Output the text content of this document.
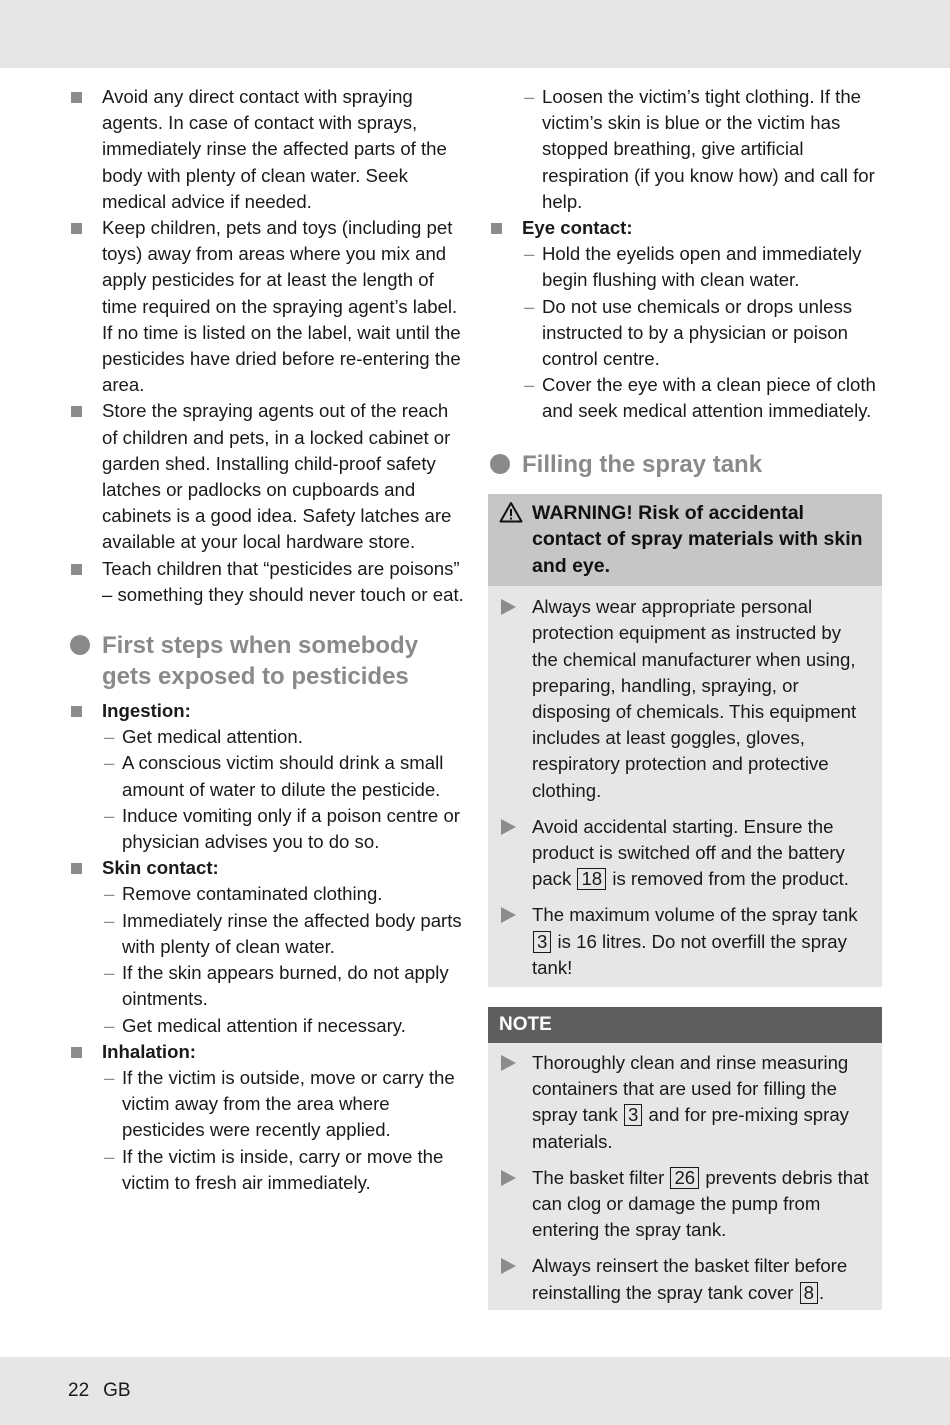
Avoid any direct contact with spraying agents. In case of contact with sprays, immediately rinse the affected parts of the body with plenty of clean water. Seek medical advice if needed.
Keep children, pets and toys (including pet toys) away from areas where you mix and apply pesticides for at least the length of time required on the spraying agent’s label. If no time is listed on the label, wait until the pesticides have dried before re-entering the area.
Store the spraying agents out of the reach of children and pets, in a locked cabinet or garden shed. Installing child-proof safety latches or padlocks on cupboards and cabinets is a good idea. Safety latches are available at your local hardware store.
Teach children that “pesticides are poisons” – something they should never touch or eat.
First steps when somebody gets exposed to pesticides
Ingestion:
– Get medical attention.
– A conscious victim should drink a small amount of water to dilute the pesticide.
– Induce vomiting only if a poison centre or physician advises you to do so.
Skin contact:
– Remove contaminated clothing.
– Immediately rinse the affected body parts with plenty of clean water.
– If the skin appears burned, do not apply ointments.
– Get medical attention if necessary.
Inhalation:
– If the victim is outside, move or carry the victim away from the area where pesticides were recently applied.
– If the victim is inside, carry or move the victim to fresh air immediately.
– Loosen the victim’s tight clothing. If the victim’s skin is blue or the victim has stopped breathing, give artificial respiration (if you know how) and call for help.
Eye contact:
– Hold the eyelids open and immediately begin flushing with clean water.
– Do not use chemicals or drops unless instructed to by a physician or poison control centre.
– Cover the eye with a clean piece of cloth and seek medical attention immediately.
Filling the spray tank
WARNING! Risk of accidental contact of spray materials with skin and eye.
Always wear appropriate personal protection equipment as instructed by the chemical manufacturer when using, preparing, handling, spraying, or disposing of chemicals. This equipment includes at least goggles, gloves, respiratory protection and protective clothing.
Avoid accidental starting. Ensure the product is switched off and the battery pack 18 is removed from the product.
The maximum volume of the spray tank 3 is 16 litres. Do not overfill the spray tank!
NOTE
Thoroughly clean and rinse measuring containers that are used for filling the spray tank 3 and for pre-mixing spray materials.
The basket filter 26 prevents debris that can clog or damage the pump from entering the spray tank.
Always reinsert the basket filter before reinstalling the spray tank cover 8 .
22 GB
